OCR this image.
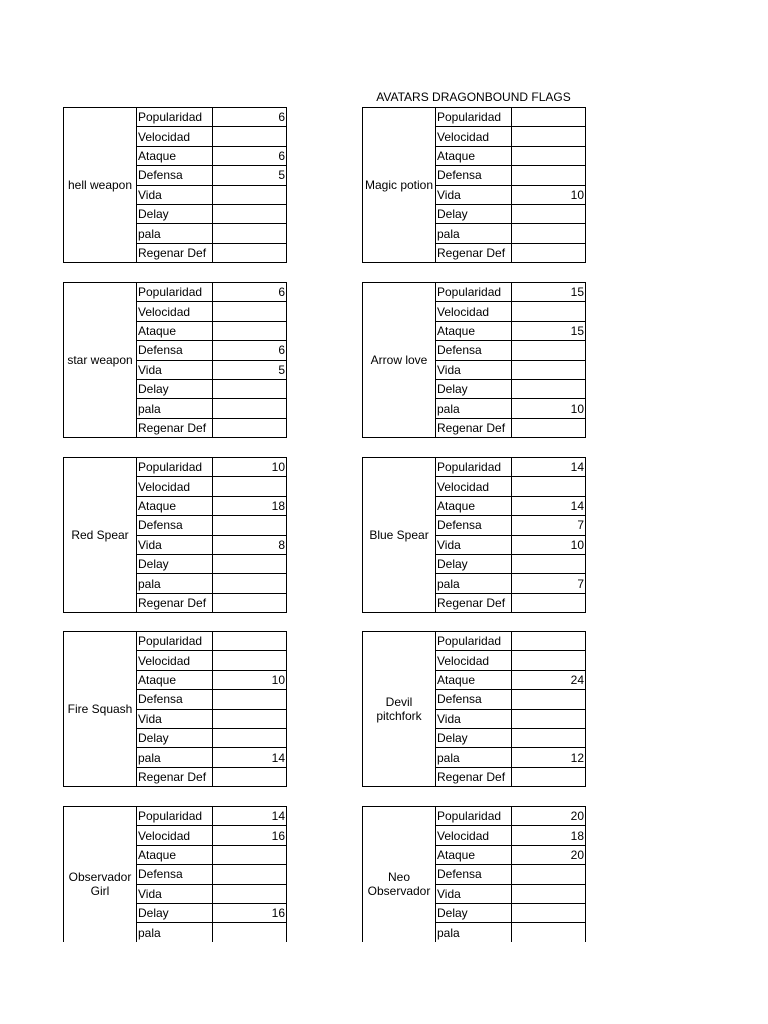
AVATARS DRAGONBOUND FLAGS
hell weapon	Popularidad	6
	Velocidad	
	Ataque	6
	Defensa	5
	Vida	
	Delay	
	pala	
	Regenar Def	
Magic potion	Popularidad	
	Velocidad	
	Ataque	
	Defensa	
	Vida	10
	Delay	
	pala	
	Regenar Def	
star weapon	Popularidad	6
	Velocidad	
	Ataque	
	Defensa	6
	Vida	5
	Delay	
	pala	
	Regenar Def	
Arrow love	Popularidad	15
	Velocidad	
	Ataque	15
	Defensa	
	Vida	
	Delay	
	pala	10
	Regenar Def	
Red Spear	Popularidad	10
	Velocidad	
	Ataque	18
	Defensa	
	Vida	8
	Delay	
	pala	
	Regenar Def	
Blue Spear	Popularidad	14
	Velocidad	
	Ataque	14
	Defensa	7
	Vida	10
	Delay	
	pala	7
	Regenar Def	
Fire Squash	Popularidad	
	Velocidad	
	Ataque	10
	Defensa	
	Vida	
	Delay	
	pala	14
	Regenar Def	
Devil pitchfork	Popularidad	
	Velocidad	
	Ataque	24
	Defensa	
	Vida	
	Delay	
	pala	12
	Regenar Def	
Observador Girl	Popularidad	14
	Velocidad	16
	Ataque	
	Defensa	
	Vida	
	Delay	16
	pala	

Neo Observador	Popularidad	20
	Velocidad	18
	Ataque	20
	Defensa	
	Vida	
	Delay	
	pala	
